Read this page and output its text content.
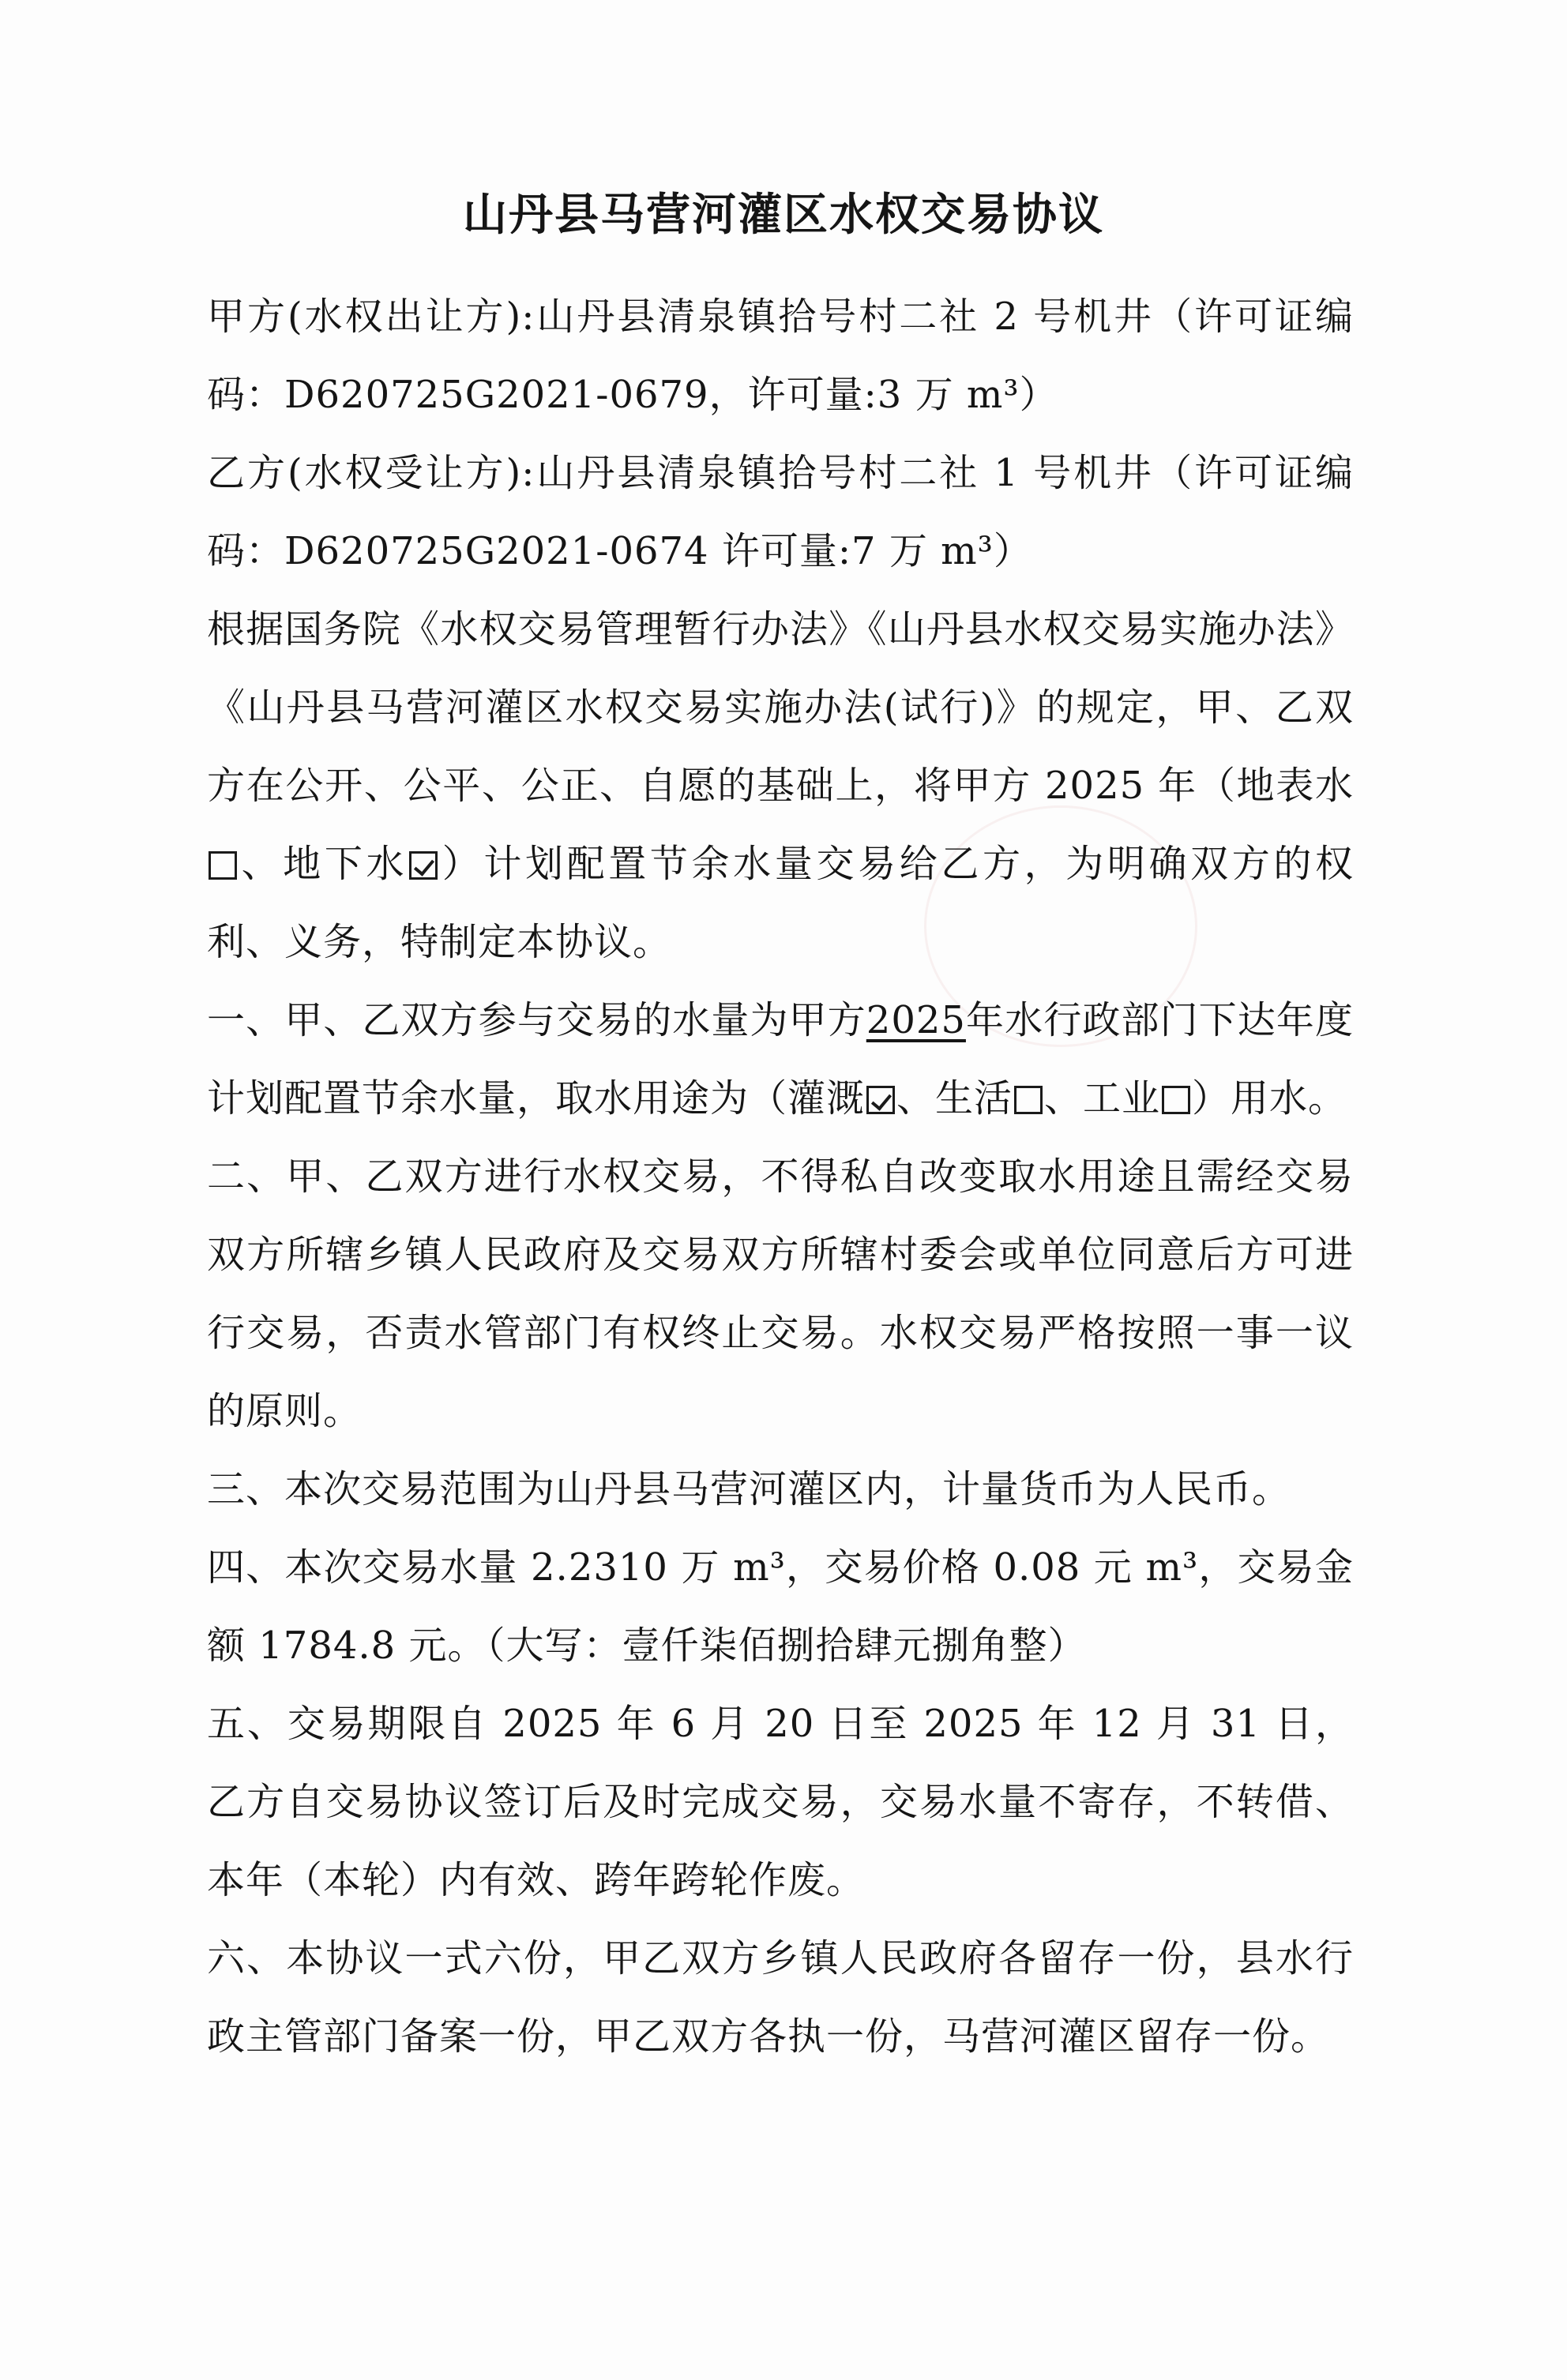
山丹县马营河灌区水权交易协议

甲方(水权出让方):山丹县清泉镇拾号村二社 2 号机井（许可证编码：D620725G2021-0679，许可量:3 万 m³）

乙方(水权受让方):山丹县清泉镇拾号村二社 1 号机井（许可证编码：D620725G2021-0674 许可量:7 万 m³）

根据国务院《水权交易管理暂行办法》《山丹县水权交易实施办法》《山丹县马营河灌区水权交易实施办法(试行)》的规定，甲、乙双方在公开、公平、公正、自愿的基础上，将甲方 2025 年（地表水、地下水 ）计划配置节余水量交易给乙方，为明确双方的权利、义务，特制定本协议。

一、甲、乙双方参与交易的水量为甲方2025年水行政部门下达年度计划配置节余水量，取水用途为（灌溉 、生活 、工业 ）用水。

二、甲、乙双方进行水权交易，不得私自改变取水用途且需经交易双方所辖乡镇人民政府及交易双方所辖村委会或单位同意后方可进行交易，否责水管部门有权终止交易。水权交易严格按照一事一议的原则。

三、本次交易范围为山丹县马营河灌区内，计量货币为人民币。

四、本次交易水量 2.2310 万 m³，交易价格 0.08 元 m³，交易金额 1784.8 元。（大写：壹仟柒佰捌拾肆元捌角整）

五、交易期限自 2025 年 6 月 20 日至 2025 年 12 月 31 日，乙方自交易协议签订后及时完成交易，交易水量不寄存，不转借、本年（本轮）内有效、跨年跨轮作废。

六、本协议一式六份，甲乙双方乡镇人民政府各留存一份，县水行政主管部门备案一份，甲乙双方各执一份，马营河灌区留存一份。
